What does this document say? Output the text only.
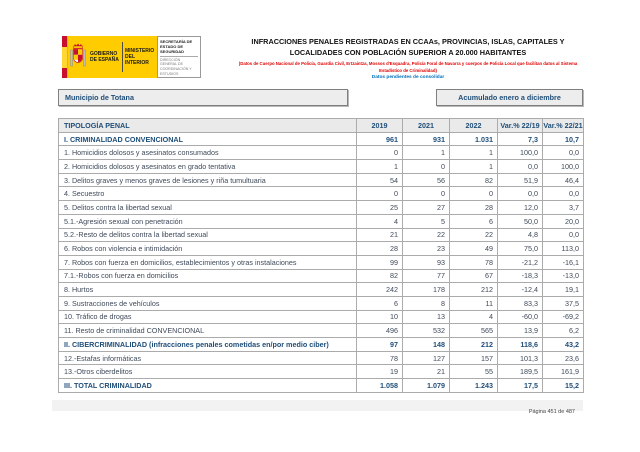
GOBIERNO DE ESPAÑA
MINISTERIO DEL INTERIOR
SECRETARÍA DE ESTADO DE SEGURIDAD
DIRECCIÓN GENERAL DE COORDINACIÓN Y ESTUDIOS
INFRACCIONES PENALES REGISTRADAS EN CCAAs, PROVINCIAS, ISLAS, CAPITALES Y LOCALIDADES CON POBLACIÓN SUPERIOR A 20.000 HABITANTES
(Datos de Cuerpo Nacional de Policía, Guardia Civil, Ertzaintza, Mossos d'Esquadra, Policía Foral de Navarra y cuerpos de Policía Local que facilitan datos al Sistema Estadístico de Criminalidad)
Datos pendientes de consolidar
Municipio de Totana	Acumulado enero a diciembre
TIPOLOGÍA PENAL	2019	2021	2022	Var.% 22/19	Var.% 22/21
I. CRIMINALIDAD CONVENCIONAL	961	931	1.031	7,3	10,7
1. Homicidios dolosos y asesinatos consumados	0	1	1	100,0	0,0
2. Homicidios dolosos y asesinatos en grado tentativa	1	0	1	0,0	100,0
3. Delitos graves y menos graves de lesiones y riña tumultuaria	54	56	82	51,9	46,4
4. Secuestro	0	0	0	0,0	0,0
5. Delitos contra la libertad sexual	25	27	28	12,0	3,7
5.1.-Agresión sexual con penetración	4	5	6	50,0	20,0
5.2.-Resto de delitos contra la libertad sexual	21	22	22	4,8	0,0
6. Robos con violencia e intimidación	28	23	49	75,0	113,0
7. Robos con fuerza en domicilios, establecimientos y otras instalaciones	99	93	78	-21,2	-16,1
7.1.-Robos con fuerza en domicilios	82	77	67	-18,3	-13,0
8. Hurtos	242	178	212	-12,4	19,1
9. Sustracciones de vehículos	6	8	11	83,3	37,5
10. Tráfico de drogas	10	13	4	-60,0	-69,2
11. Resto de criminalidad CONVENCIONAL	496	532	565	13,9	6,2
II. CIBERCRIMINALIDAD (infracciones penales cometidas en/por medio ciber)	97	148	212	118,6	43,2
12.-Estafas informáticas	78	127	157	101,3	23,6
13.-Otros ciberdelitos	19	21	55	189,5	161,9
III. TOTAL CRIMINALIDAD	1.058	1.079	1.243	17,5	15,2
Página 451 de 487
